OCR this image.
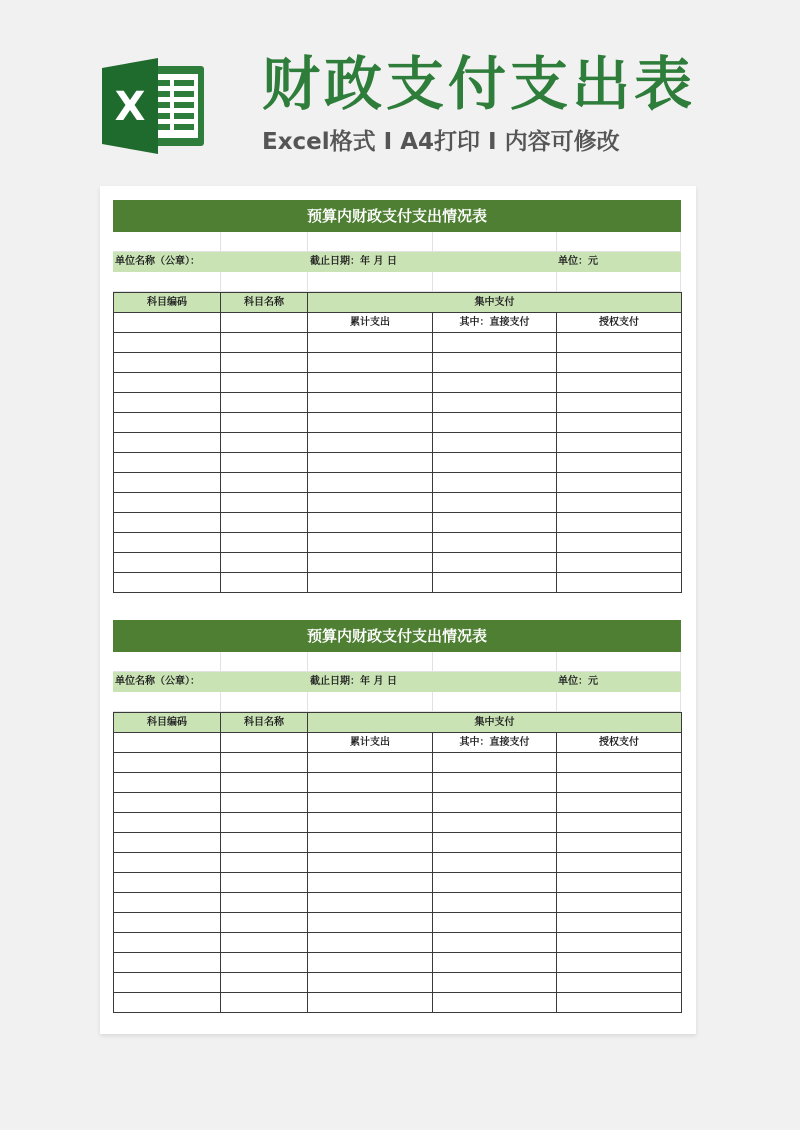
X 财政支付支出表
Excel格式 I A4打印 I 内容可修改
预算内财政支付支出情况表
单位名称（公章）：	截止日期：年 月 日	单位：元
科目编码	科目名称	集中支付		
		累计支出	其中：直接支付	授权支付

预算内财政支付支出情况表
单位名称（公章）：	截止日期：年 月 日	单位：元
科目编码	科目名称	集中支付		
		累计支出	其中：直接支付	授权支付
